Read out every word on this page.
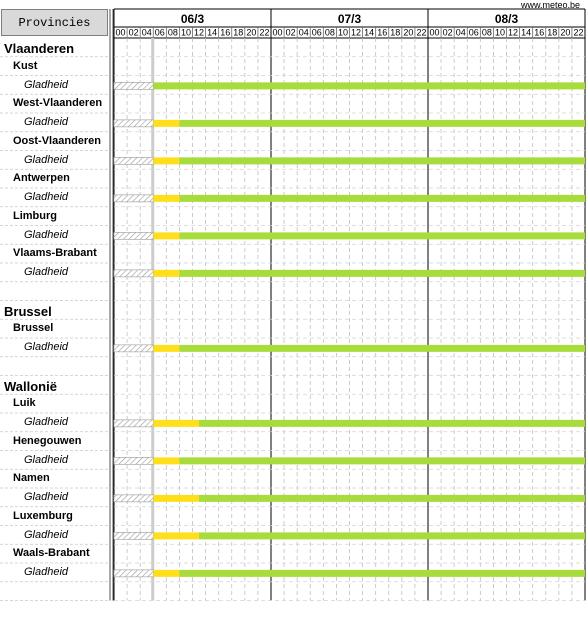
www.meteo.be
Provincies
00 02 04 06 08 10 12 14 16 18 20 22 00 02 04 06 08 10 12 14 16 18 20 22 00 02 04 06 08 10 12 14 16 18 20 22
06/3	07/3	08/3
Vlaanderen
Kust
Gladheid
West-Vlaanderen
Gladheid
Oost-Vlaanderen
Gladheid
Antwerpen
Gladheid
Limburg
Gladheid
Vlaams-Brabant
Gladheid
Brussel
Brussel
Gladheid
Wallonië
Luik
Gladheid
Henegouwen
Gladheid
Namen
Gladheid
Luxemburg
Gladheid
Waals-Brabant
Gladheid
